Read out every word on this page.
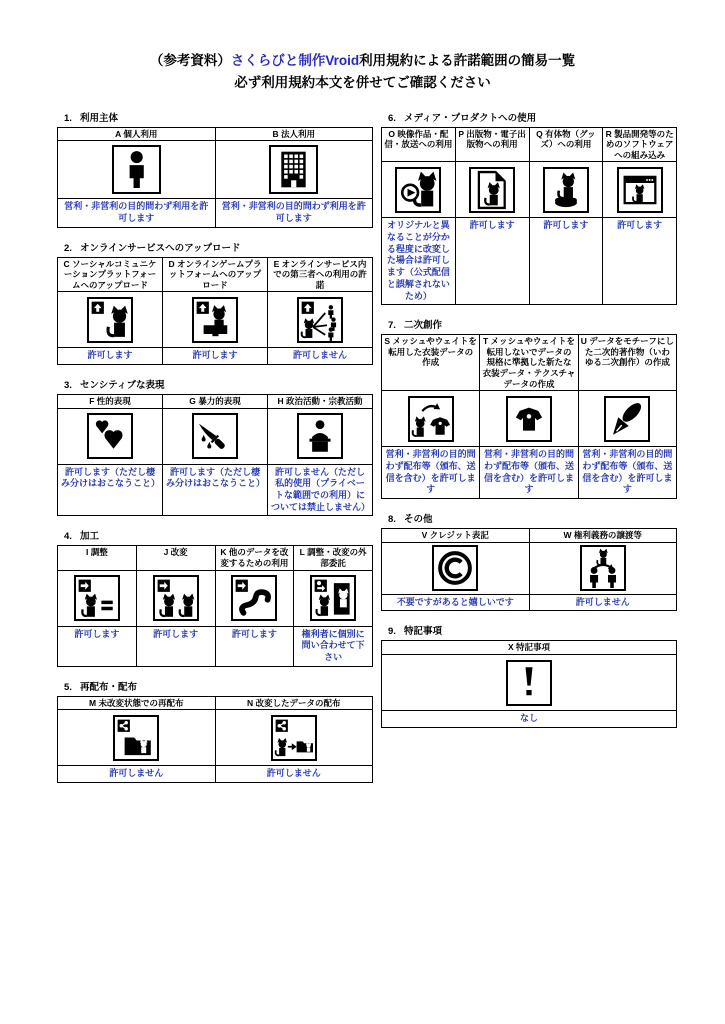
（参考資料）さくらびと制作Vroid利用規約による許諾範囲の簡易一覧
必ず利用規約本文を併せてご確認ください
1. 利用主体
A 個人利用	B 法人利用

営利・非営利の目的問わず利用を許可します	営利・非営利の目的問わず利用を許可します
2. オンラインサービスへのアップロード
C ソーシャルコミュニケーションプラットフォームへのアップロード	D オンラインゲームプラットフォームへのアップロード	E オンラインサービス内での第三者への利用の許諾

許可します	許可します	許可しません
3. センシティブな表現
F 性的表現	G 暴力的表現	H 政治活動・宗教活動

許可します（ただし棲み分けはおこなうこと）	許可します（ただし棲み分けはおこなうこと）	許可しません（ただし私的使用（プライベートな範囲での利用）については禁止しません）
4. 加工
I 調整	J 改変	K 他のデータを改変するための利用	L 調整・改変の外部委託

許可します	許可します	許可します	権利者に個別に問い合わせて下さい
5. 再配布・配布
M 未改変状態での再配布	N 改変したデータの配布

許可しません	許可しません
6. メディア・プロダクトへの使用
O 映像作品・配信・放送への利用	P 出版物・電子出版物への利用	Q 有体物（グッズ）への利用	R 製品開発等のためのソフトウェアへの組み込み

オリジナルと異なることが分かる程度に改変した場合は許可します（公式配信と誤解されないため）	許可します	許可します	許可します
7. 二次創作
S メッシュやウェイトを転用した衣装データの作成	T メッシュやウェイトを転用しないでデータの規格に準拠した新たな衣装データ・テクスチャデータの作成	U データをモチーフにした二次的著作物（いわゆる二次創作）の作成

営利・非営利の目的問わず配布等（頒布、送信を含む）を許可します	営利・非営利の目的問わず配布等（頒布、送信を含む）を許可します	営利・非営利の目的問わず配布等（頒布、送信を含む）を許可します
8. その他
V クレジット表記	W 権利義務の譲渡等

不要ですがあると嬉しいです	許可しません
9. 特記事項
X 特記事項

なし
